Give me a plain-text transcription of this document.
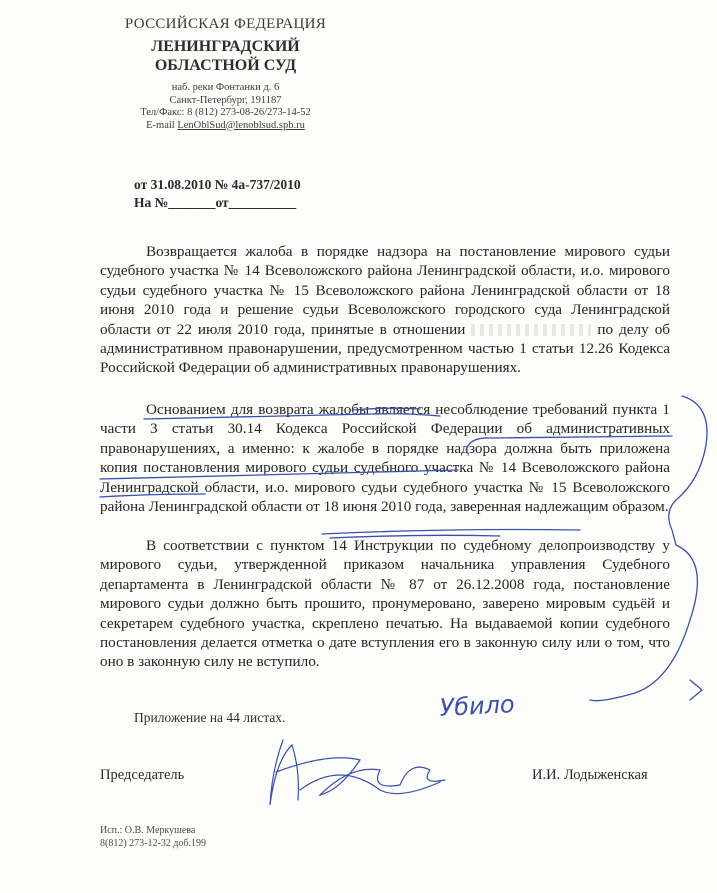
РОССИЙСКАЯ ФЕДЕРАЦИЯ
ЛЕНИНГРАДСКИЙ
ОБЛАСТНОЙ СУД
наб. реки Фонтанки д. 6
Санкт-Петербург, 191187
Тел/Факс: 8 (812) 273-08-26/273-14-52
E-mail LenOblSud@lenoblsud.spb.ru
от 31.08.2010 № 4а-737/2010
На №_______от__________
Возвращается жалоба в порядке надзора на постановление мирового судьи судебного участка № 14 Всеволожского района Ленинградской области, и.о. мирового судьи судебного участка № 15 Всеволожского района Ленинградской области от 18 июня 2010 года и решение судьи Всеволожского городского суда Ленинградской области от 22 июля 2010 года, принятые в отношении	по делу об административном правонарушении, предусмотренном частью 1 статьи 12.26 Кодекса Российской Федерации об административных правонарушениях.
Основанием для возврата жалобы является несоблюдение требований пункта 1 части 3 статьи 30.14 Кодекса Российской Федерации об административных правонарушениях, а именно: к жалобе в порядке надзора должна быть приложена копия постановления мирового судьи судебного участка № 14 Всеволожского района Ленинградской области, и.о. мирового судьи судебного участка № 15 Всеволожского района Ленинградской области от 18 июня 2010 года, заверенная надлежащим образом.
В соответствии с пунктом 14 Инструкции по судебному делопроизводству у мирового судьи, утвержденной приказом начальника управления Судебного департамента в Ленинградской области № 87 от 26.12.2008 года, постановление мирового судьи должно быть прошито, пронумеровано, заверено мировым судьёй и секретарем судебного участка, скреплено печатью. На выдаваемой копии судебного постановления делается отметка о дате вступления его в законную силу или о том, что оно в законную силу не вступило.
Приложение на 44 листах.
Председатель	И.И. Лодыженская
Исп.: О.В. Меркушева
8(812) 273-12-32 доб.199
Убило
